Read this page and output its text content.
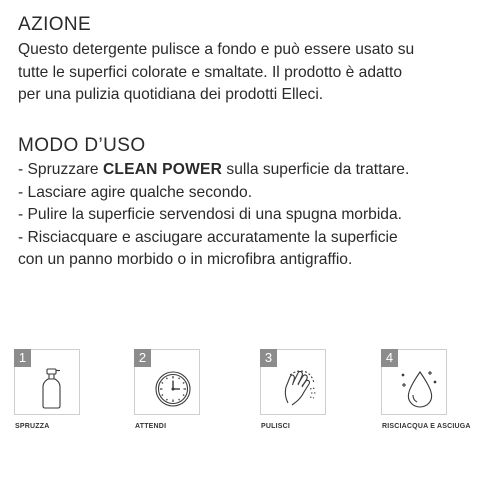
AZIONE

Questo detergente pulisce a fondo e può essere usato su

tutte le superfici colorate e smaltate. Il prodotto è adatto

per una pulizia quotidiana dei prodotti Elleci.

MODO D’USO

- Spruzzare CLEAN POWER sulla superficie da trattare.

- Lasciare agire qualche secondo.

- Pulire la superficie servendosi di una spugna morbida.

- Risciacquare e asciugare accuratamente la superficie

con un panno morbido o in microfibra antigraffio.

1
SPRUZZA
2
ATTENDI
3
PULISCI
4
RISCIACQUA E ASCIUGA
